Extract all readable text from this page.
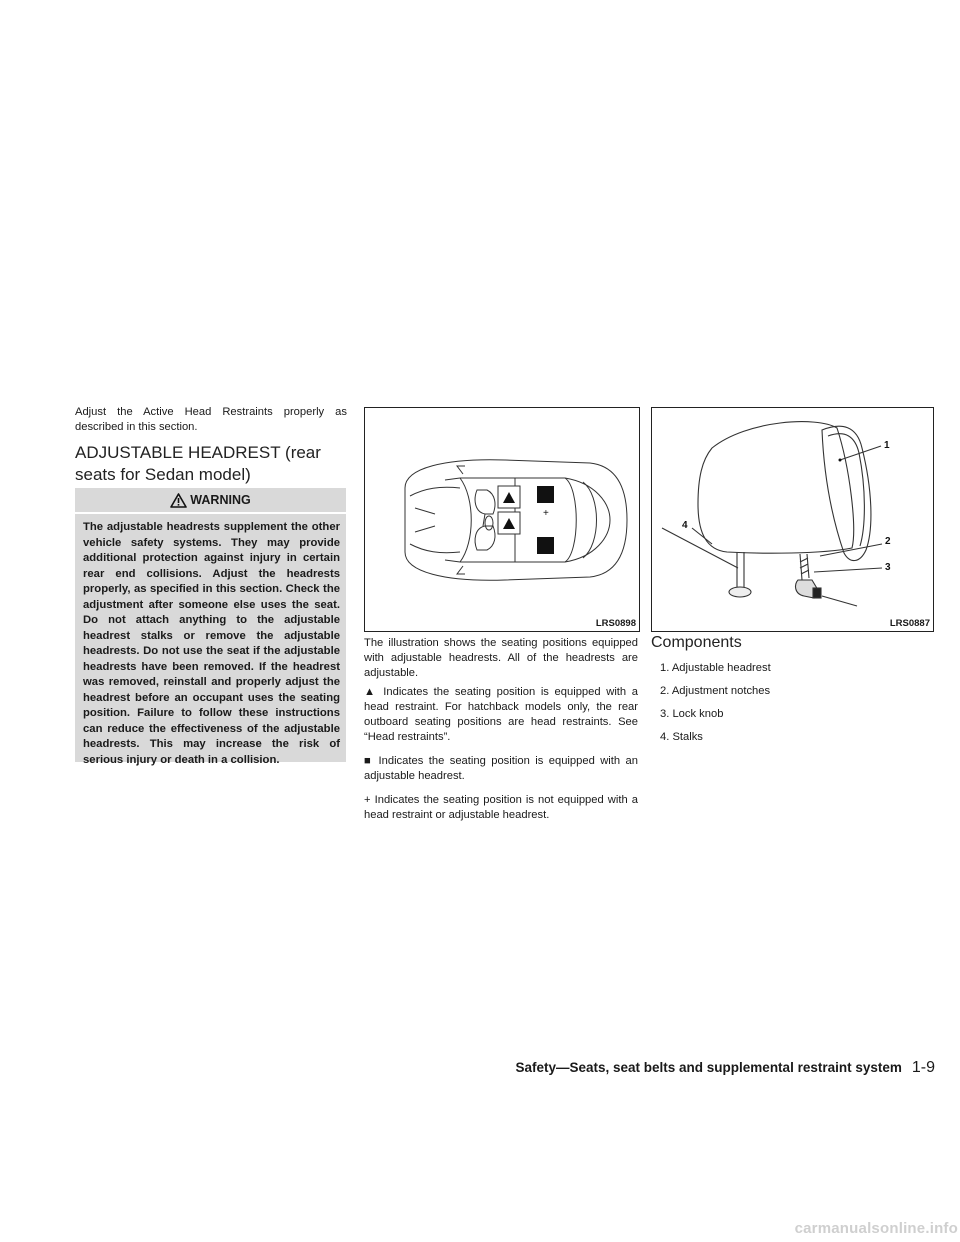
Adjust the Active Head Restraints properly as described in this section.

ADJUSTABLE HEADREST (rear seats for Sedan model)
WARNING

The adjustable headrests supplement the other vehicle safety systems. They may provide additional protection against injury in certain rear end collisions. Adjust the headrests properly, as specified in this section. Check the adjustment after someone else uses the seat. Do not attach anything to the adjustable headrest stalks or remove the adjustable headrests. Do not use the seat if the adjustable headrests have been removed. If the headrest was removed, reinstall and properly adjust the headrest before an occupant uses the seating position. Failure to follow these instructions can reduce the effectiveness of the adjustable headrests. This may increase the risk of serious injury or death in a collision.

+
LRS0898
1
2
3
4
LRS0887

The illustration shows the seating positions equipped with adjustable headrests. All of the headrests are adjustable.

▲ Indicates the seating position is equipped with a head restraint. For hatchback models only, the rear outboard seating positions are head restraints. See “Head restraints”.

■ Indicates the seating position is equipped with an adjustable headrest.

+ Indicates the seating position is not equipped with a head restraint or adjustable headrest.

Components
1. Adjustable headrest
2. Adjustment notches
3. Lock knob
4. Stalks
Safety—Seats, seat belts and supplemental restraint system 1-9
carmanualsonline.info
